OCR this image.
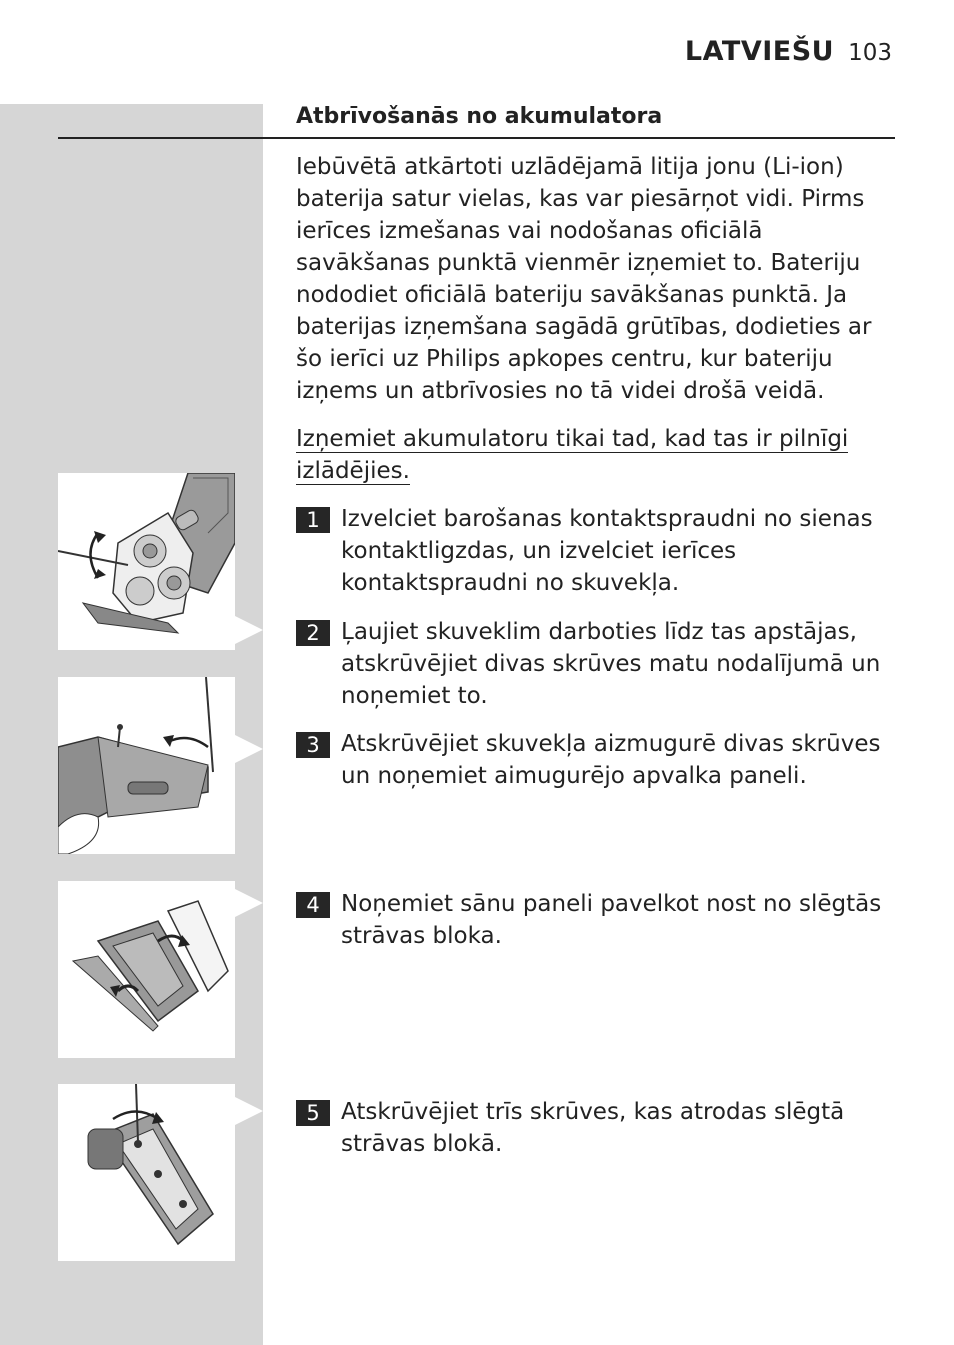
LATVIEŠU 103
Atbrīvošanās no akumulatora
Iebūvētā atkārtoti uzlādējamā litija jonu (Li-ion) baterija satur vielas, kas var piesārņot vidi. Pirms ierīces izmešanas vai nodošanas oficiālā savākšanas punktā vienmēr izņemiet to. Bateriju nododiet oficiālā bateriju savākšanas punktā. Ja baterijas izņemšana sagādā grūtības, dodieties ar šo ierīci uz Philips apkopes centru, kur bateriju izņems un atbrīvosies no tā videi drošā veidā.
Izņemiet akumulatoru tikai tad, kad tas ir pilnīgi izlādējies.
1 Izvelciet barošanas kontaktspraudni no sienas kontaktligzdas, un izvelciet ierīces kontaktspraudni no skuvekļa.
2 Ļaujiet skuveklim darboties līdz tas apstājas, atskrūvējiet divas skrūves matu nodalījumā un noņemiet to.
3 Atskrūvējiet skuvekļa aizmugurē divas skrūves un noņemiet aimugurējo apvalka paneli.
4 Noņemiet sānu paneli pavelkot nost no slēgtās strāvas bloka.
5 Atskrūvējiet trīs skrūves, kas atrodas slēgtā strāvas blokā.
